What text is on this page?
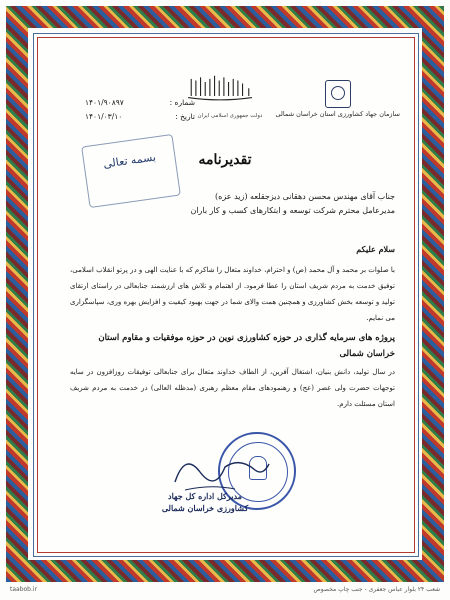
سازمان جهاد کشاورزی استان خراسان شمالی
دولت جمهوری اسلامی ایران
شماره :
۱۴۰۱/۹۰۸۹۷
تاریخ :
۱۴۰۱/۰۳/۱۰
بسمه تعالی	تقدیرنامه
جناب آقای مهندس محسن دهقانی دیزجقلعه (زید عزه)
مدیرعامل محترم شرکت توسعه و ابتکارهای کسب و کار باران
سلام علیکم
با صلوات بر محمد و آل محمد (ص) و احترام، خداوند متعال را شاکرم که با عنایت الهی و در پرتو انقلاب اسلامی، توفیق خدمت به مردم شریف استان را عطا فرمود. از اهتمام و تلاش های ارزشمند جنابعالی در راستای ارتقای تولید و توسعه بخش کشاورزی و همچنین همت والای شما در جهت بهبود کیفیت و افزایش بهره وری، سپاسگزاری می نمایم.
پروژه های سرمایه گذاری در حوزه کشاورزی نوین در حوزه موفقیات و مقاوم استان خراسان شمالی
در سال تولید، دانش بنیان، اشتغال آفرین، از الطاف خداوند متعال برای جنابعالی توفیقات روزافزون در سایه توجهات حضرت ولی عصر (عج) و رهنمودهای مقام معظم رهبری (مدظله العالی) در خدمت به مردم شریف استان مسئلت دارم.
مدیرکل اداره کل جهاد
کشاورزی خراسان شمالی
taabob.ir	شعب ۲۴ بلوار عباس جعفری - جنب چاپ مخصوص
